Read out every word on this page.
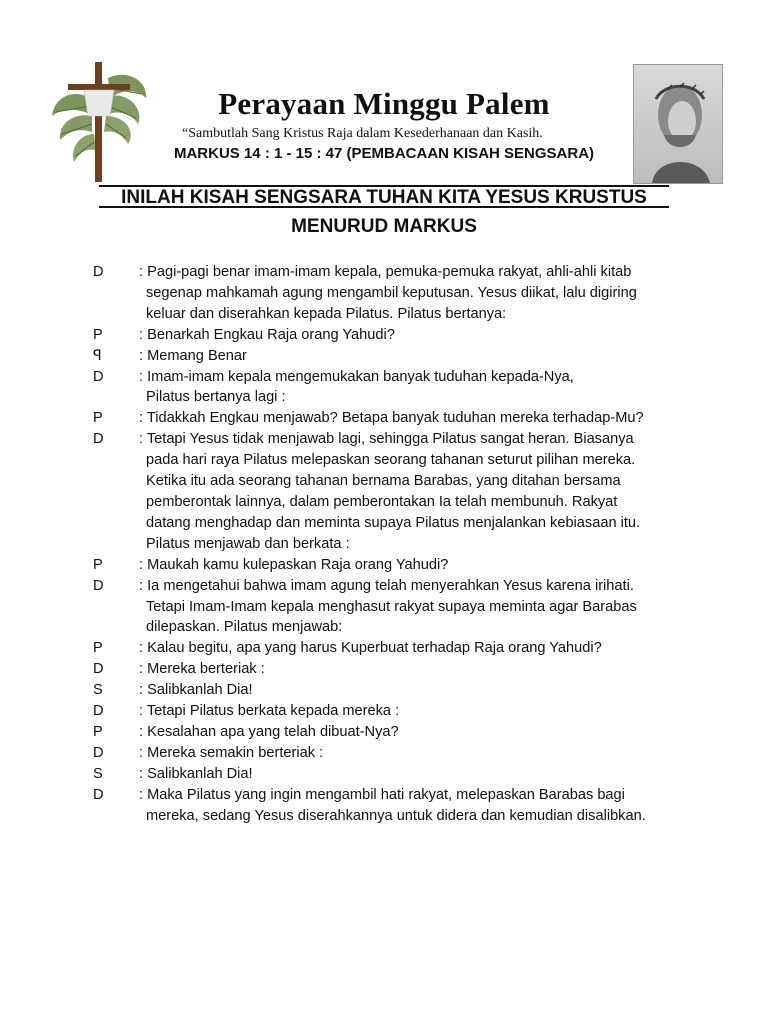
Perayaan Minggu Palem
“Sambutlah Sang Kristus Raja dalam Kesederhanaan dan Kasih.
MARKUS 14 : 1 - 15 : 47 (PEMBACAAN KISAH SENGSARA)
INILAH KISAH SENGSARA TUHAN KITA YESUS KRUSTUS
MENURUD MARKUS
D	: Pagi-pagi benar imam-imam kepala, pemuka-pemuka rakyat, ahli-ahli kitab
segenap mahkamah agung mengambil keputusan. Yesus diikat, lalu digiring
keluar dan diserahkan kepada Pilatus. Pilatus bertanya:
P	: Benarkah Engkau Raja orang Yahudi?
ꟼ	: Memang Benar
D	: Imam-imam kepala mengemukakan banyak tuduhan kepada-Nya,
Pilatus bertanya lagi :
P	: Tidakkah Engkau menjawab? Betapa banyak tuduhan mereka terhadap-Mu?
D	: Tetapi Yesus tidak menjawab lagi, sehingga Pilatus sangat heran. Biasanya
pada hari raya Pilatus melepaskan seorang tahanan seturut pilihan mereka.
Ketika itu ada seorang tahanan bernama Barabas, yang ditahan bersama
pemberontak lainnya, dalam pemberontakan Ia telah membunuh. Rakyat
datang menghadap dan meminta supaya Pilatus menjalankan kebiasaan itu.
Pilatus menjawab dan berkata :
P	: Maukah kamu kulepaskan Raja orang Yahudi?
D	: Ia mengetahui bahwa imam agung telah menyerahkan Yesus karena irihati.
Tetapi Imam-Imam kepala menghasut rakyat supaya meminta agar Barabas
dilepaskan. Pilatus menjawab:
P	: Kalau begitu, apa yang harus Kuperbuat terhadap Raja orang Yahudi?
D	: Mereka berteriak :
S	: Salibkanlah Dia!
D	: Tetapi Pilatus berkata kepada mereka :
P	: Kesalahan apa yang telah dibuat-Nya?
D	: Mereka semakin berteriak :
S	: Salibkanlah Dia!
D	: Maka Pilatus yang ingin mengambil hati rakyat, melepaskan Barabas bagi
mereka, sedang Yesus diserahkannya untuk didera dan kemudian disalibkan.
